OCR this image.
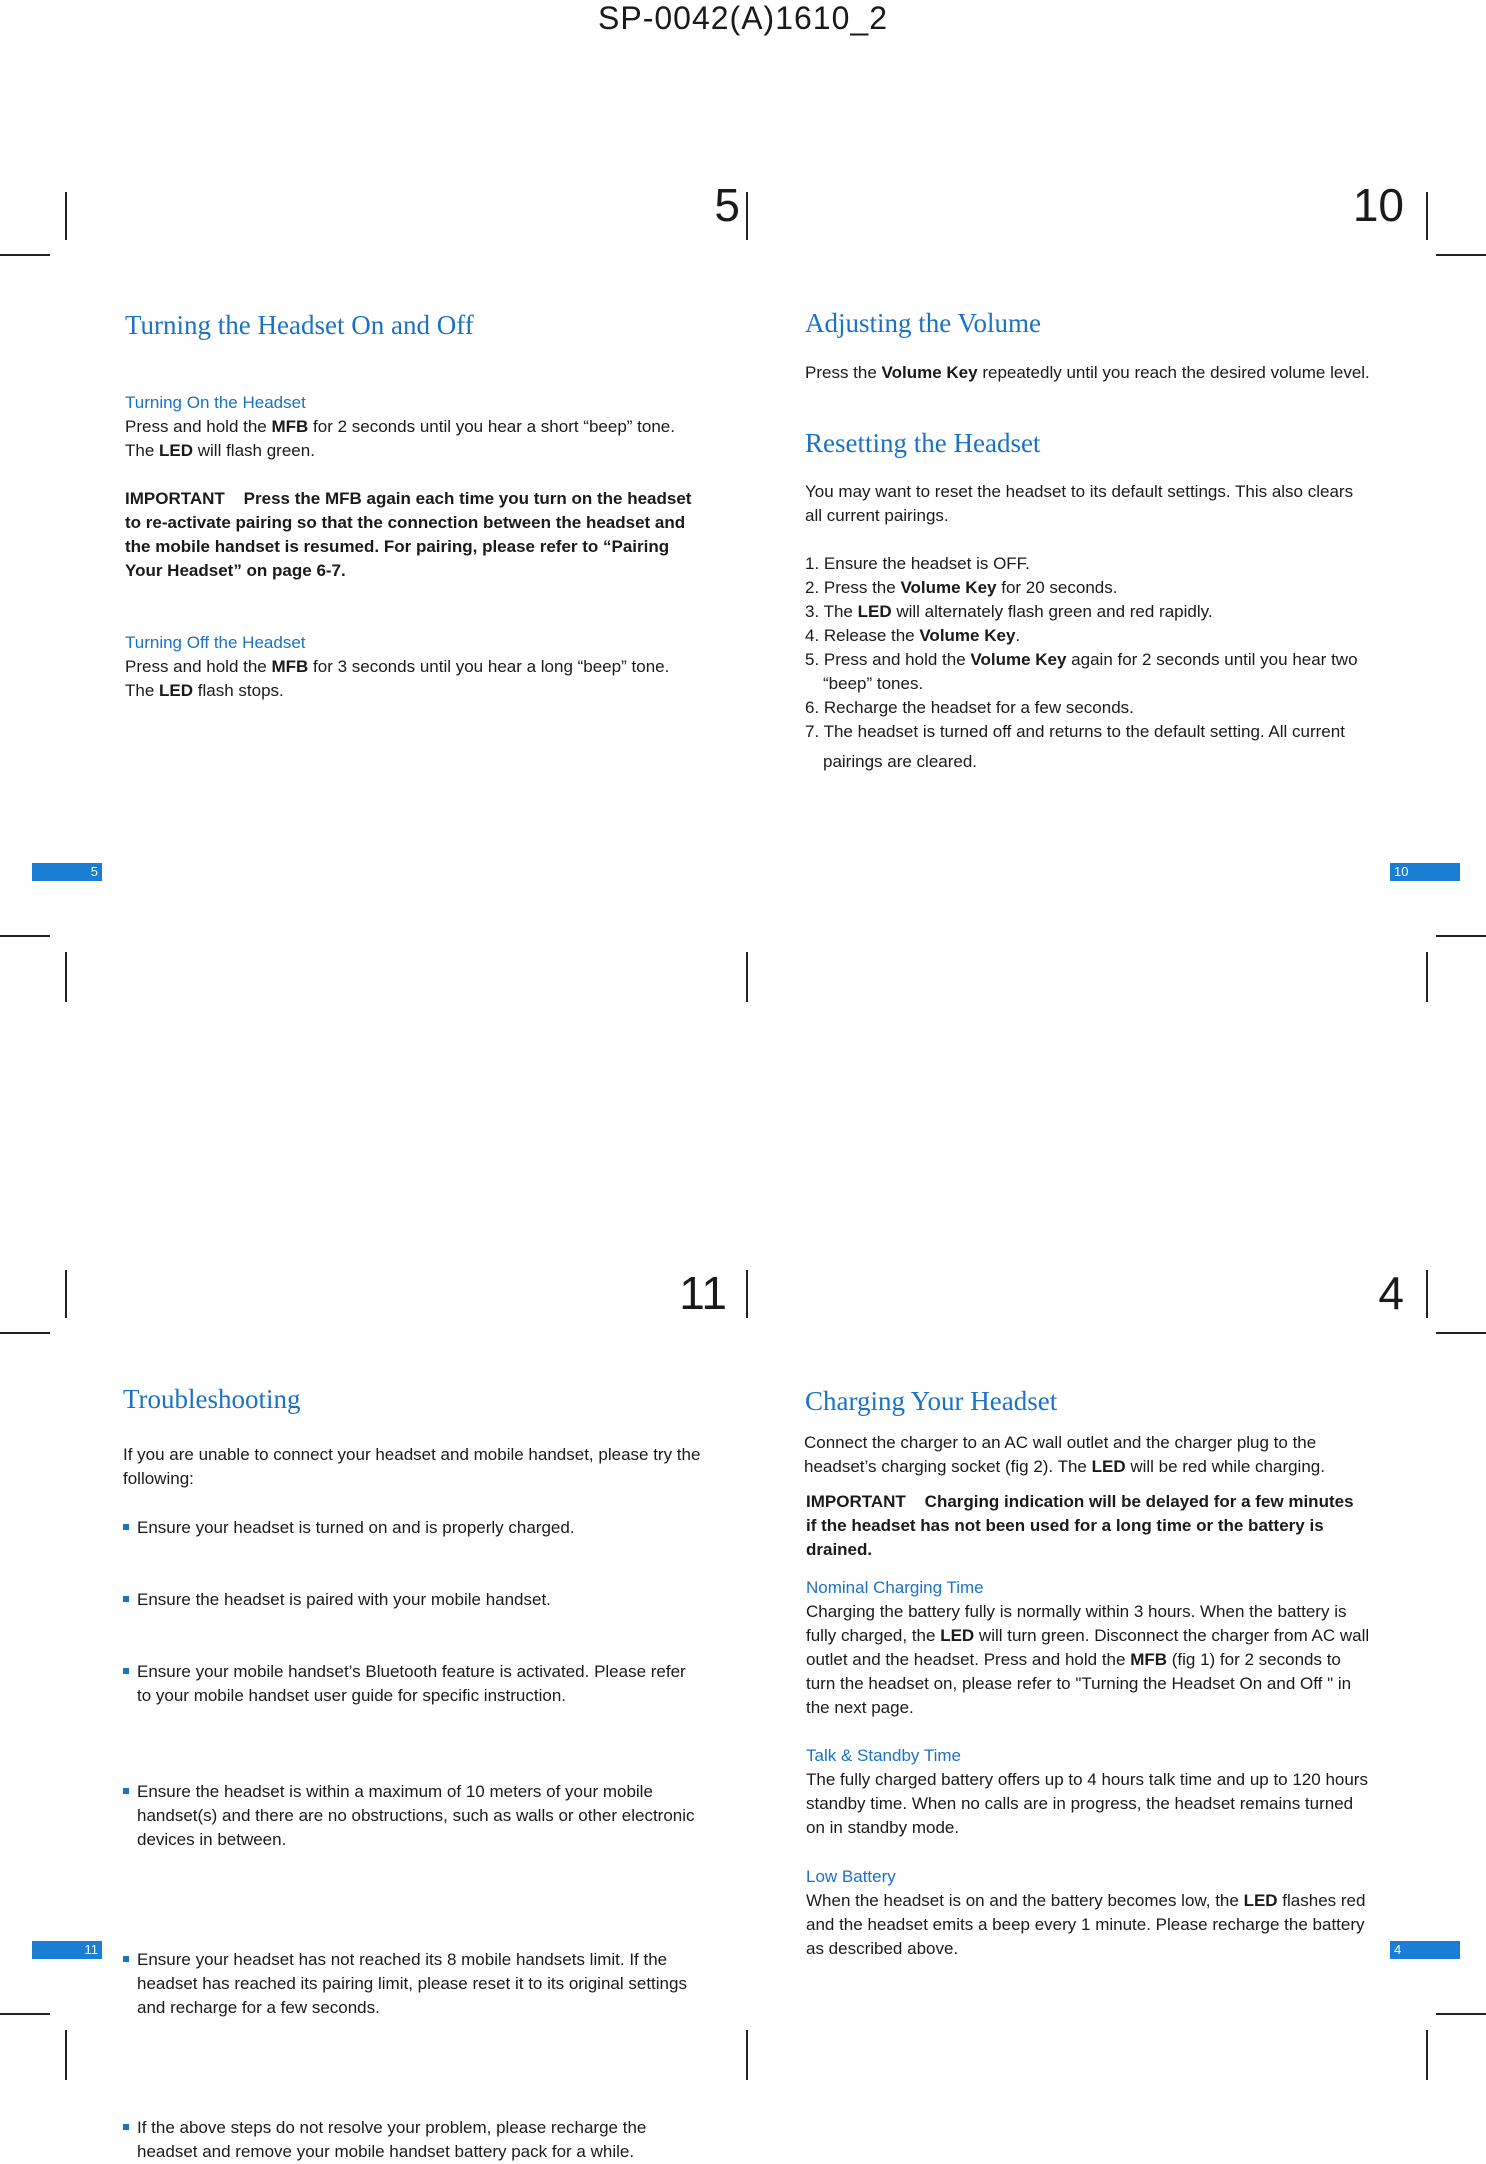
SP-0042(A)1610_2
5
Turning the Headset On and Off
Turning On the Headset
Press and hold the MFB for 2 seconds until you hear a short “beep” tone.
The LED will flash green.
IMPORTANT    Press the MFB again each time you turn on the headset
to re-activate pairing so that the connection between the headset and
the mobile handset is resumed. For pairing, please refer to “Pairing
Your Headset” on page 6-7.
Turning Off the Headset
Press and hold the MFB for 3 seconds until you hear a long “beep” tone.
The LED flash stops.
5
10
Adjusting the Volume
Press the Volume Key repeatedly until you reach the desired volume level.
Resetting the Headset
You may want to reset the headset to its default settings. This also clears
all current pairings.
1. Ensure the headset is OFF.
2. Press the Volume Key for 20 seconds.
3. The LED will alternately flash green and red rapidly.
4. Release the Volume Key.
5. Press and hold the Volume Key again for 2 seconds until you hear two
“beep” tones.
6. Recharge the headset for a few seconds.
7. The headset is turned off and returns to the default setting. All current
pairings are cleared.
10
11
Troubleshooting
If you are unable to connect your headset and mobile handset, please try the
following:
Ensure your headset is turned on and is properly charged.
Ensure the headset is paired with your mobile handset.
Ensure your mobile handset’s Bluetooth feature is activated. Please refer
to your mobile handset user guide for specific instruction.
Ensure the headset is within a maximum of 10 meters of your mobile
handset(s) and there are no obstructions, such as walls or other electronic
devices in between.
Ensure your headset has not reached its 8 mobile handsets limit. If the
headset has reached its pairing limit, please reset it to its original settings
and recharge for a few seconds.
If the above steps do not resolve your problem, please recharge the
headset and remove your mobile handset battery pack for a while.
11
4
Charging Your Headset
Connect the charger to an AC wall outlet and the charger plug to the
headset’s charging socket (fig 2). The LED will be red while charging.
IMPORTANT    Charging indication will be delayed for a few minutes
if the headset has not been used for a long time or the battery is
drained.
Nominal Charging Time
Charging the battery fully is normally within 3 hours. When the battery is
fully charged, the LED will turn green. Disconnect the charger from AC wall
outlet and the headset. Press and hold the MFB (fig 1) for 2 seconds to
turn the headset on, please refer to "Turning the Headset On and Off " in
the next page.
Talk & Standby Time
The fully charged battery offers up to 4 hours talk time and up to 120 hours
standby time. When no calls are in progress, the headset remains turned
on in standby mode.
Low Battery
When the headset is on and the battery becomes low, the LED flashes red
and the headset emits a beep every 1 minute. Please recharge the battery
as described above.	4
